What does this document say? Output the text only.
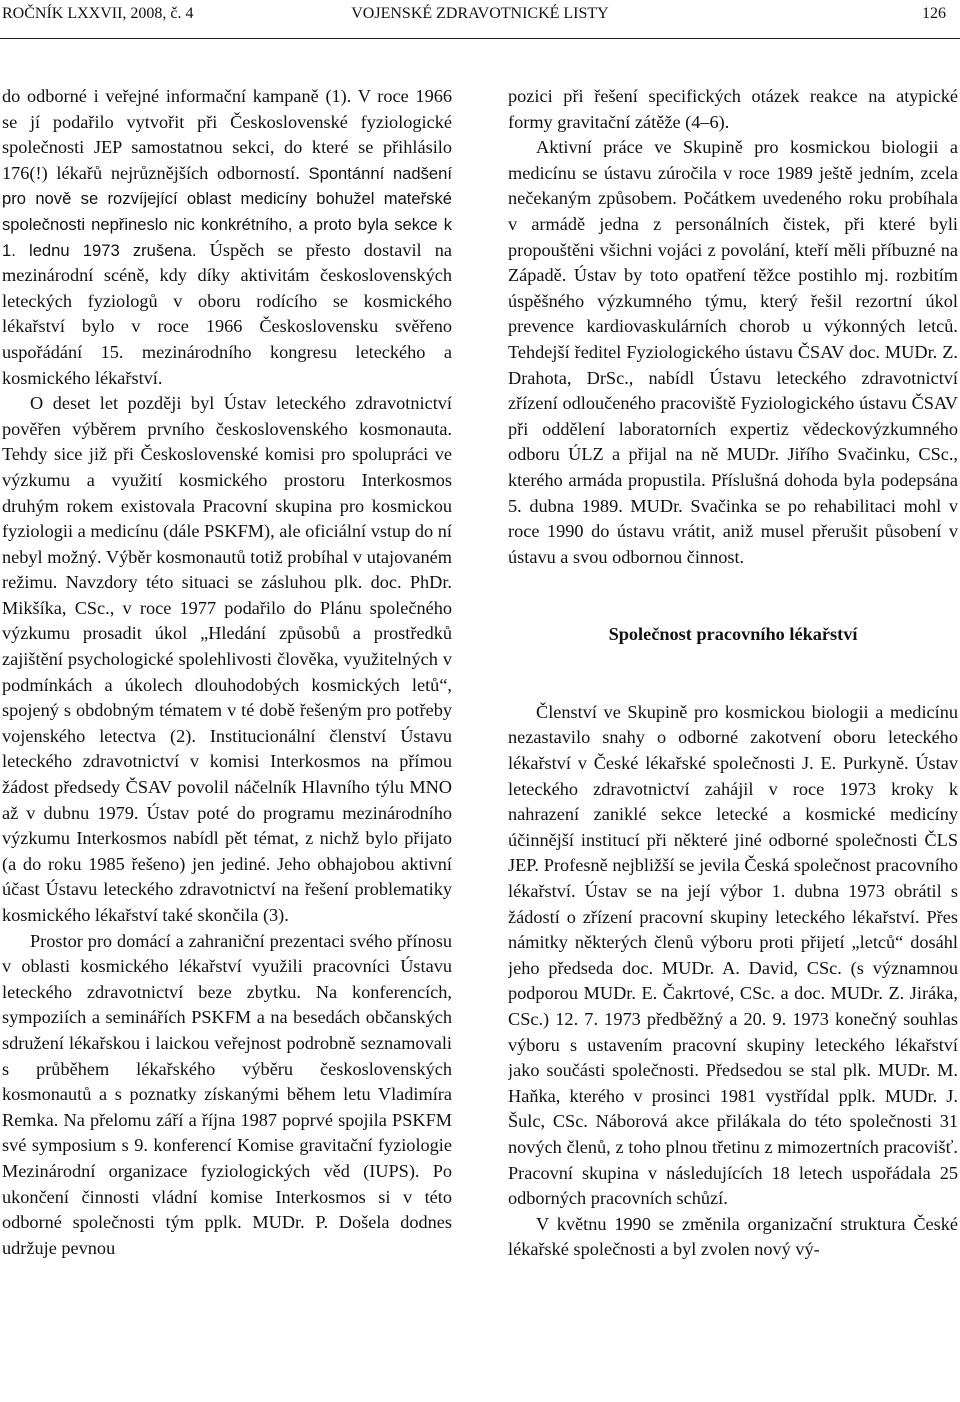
ROČNÍK LXXVII, 2008, č. 4	VOJENSKÉ ZDRAVOTNICKÉ LISTY	126

do odborné i veřejné informační kampaně (1). V roce 1966 se jí podařilo vytvořit při Československé fyziologické společnosti JEP samostatnou sekci, do které se přihlásilo 176(!) lékařů nejrůznějších odborností. Spontánní nadšení pro nově se rozvíjející oblast medicíny bohužel mateřské společnosti nepřineslo nic konkrétního, a proto byla sekce k 1. lednu 1973 zrušena. Úspěch se přesto dostavil na mezinárodní scéně, kdy díky aktivitám československých leteckých fyziologů v oboru rodícího se kosmického lékařství bylo v roce 1966 Československu svěřeno uspořádání 15. mezinárodního kongresu leteckého a kosmického lékařství.

O deset let později byl Ústav leteckého zdravotnictví pověřen výběrem prvního československého kosmonauta. Tehdy sice již při Československé komisi pro spolupráci ve výzkumu a využití kosmického prostoru Interkosmos druhým rokem existovala Pracovní skupina pro kosmickou fyziologii a medicínu (dále PSKFM), ale oficiální vstup do ní nebyl možný. Výběr kosmonautů totiž probíhal v utajovaném režimu. Navzdory této situaci se zásluhou plk. doc. PhDr. Mikšíka, CSc., v roce 1977 podařilo do Plánu společného výzkumu prosadit úkol „Hledání způsobů a prostředků zajištění psychologické spolehlivosti člověka, využitelných v podmínkách a úkolech dlouhodobých kosmických letů“, spojený s obdobným tématem v té době řešeným pro potřeby vojenského letectva (2). Institucionální členství Ústavu leteckého zdravotnictví v komisi Interkosmos na přímou žádost předsedy ČSAV povolil náčelník Hlavního týlu MNO až v dubnu 1979. Ústav poté do programu mezinárodního výzkumu Interkosmos nabídl pět témat, z nichž bylo přijato (a do roku 1985 řešeno) jen jediné. Jeho obhajobou aktivní účast Ústavu leteckého zdravotnictví na řešení problematiky kosmického lékařství také skončila (3).

Prostor pro domácí a zahraniční prezentaci svého přínosu v oblasti kosmického lékařství využili pracovníci Ústavu leteckého zdravotnictví beze zbytku. Na konferencích, sympoziích a seminářích PSKFM a na besedách občanských sdružení lékařskou i laickou veřejnost podrobně seznamovali s průběhem lékařského výběru československých kosmonautů a s poznatky získanými během letu Vladimíra Remka. Na přelomu září a října 1987 poprvé spojila PSKFM své symposium s 9. konferencí Komise gravitační fyziologie Mezinárodní organizace fyziologických věd (IUPS). Po ukončení činnosti vládní komise Interkosmos si v této odborné společnosti tým pplk. MUDr. P. Došela dodnes udržuje pevnou

pozici při řešení specifických otázek reakce na atypické formy gravitační zátěže (4–6).

Aktivní práce ve Skupině pro kosmickou biologii a medicínu se ústavu zúročila v roce 1989 ještě jedním, zcela nečekaným způsobem. Počátkem uvedeného roku probíhala v armádě jedna z personálních čistek, při které byli propouštěni všichni vojáci z povolání, kteří měli příbuzné na Západě. Ústav by toto opatření těžce postihlo mj. rozbitím úspěšného výzkumného týmu, který řešil rezortní úkol prevence kardiovaskulárních chorob u výkonných letců. Tehdejší ředitel Fyziologického ústavu ČSAV doc. MUDr. Z. Drahota, DrSc., nabídl Ústavu leteckého zdravotnictví zřízení odloučeného pracoviště Fyziologického ústavu ČSAV při oddělení laboratorních expertiz vědeckovýzkumného odboru ÚLZ a přijal na ně MUDr. Jiřího Svačinku, CSc., kterého armáda propustila. Příslušná dohoda byla podepsána 5. dubna 1989. MUDr. Svačinka se po rehabilitaci mohl v roce 1990 do ústavu vrátit, aniž musel přerušit působení v ústavu a svou odbornou činnost.

Společnost pracovního lékařství

Členství ve Skupině pro kosmickou biologii a medicínu nezastavilo snahy o odborné zakotvení oboru leteckého lékařství v České lékařské společnosti J. E. Purkyně. Ústav leteckého zdravotnictví zahájil v roce 1973 kroky k nahrazení zaniklé sekce letecké a kosmické medicíny účinnější institucí při některé jiné odborné společnosti ČLS JEP. Profesně nejbližší se jevila Česká společnost pracovního lékařství. Ústav se na její výbor 1. dubna 1973 obrátil s žádostí o zřízení pracovní skupiny leteckého lékařství. Přes námitky některých členů výboru proti přijetí „letců“ dosáhl jeho předseda doc. MUDr. A. David, CSc. (s významnou podporou MUDr. E. Čakrtové, CSc. a doc. MUDr. Z. Jiráka, CSc.) 12. 7. 1973 předběžný a 20. 9. 1973 konečný souhlas výboru s ustavením pracovní skupiny leteckého lékařství jako součásti společnosti. Předsedou se stal plk. MUDr. M. Haňka, kterého v prosinci 1981 vystřídal pplk. MUDr. J. Šulc, CSc. Náborová akce přilákala do této společnosti 31 nových členů, z toho plnou třetinu z mimozertních pracovišť. Pracovní skupina v následujících 18 letech uspořádala 25 odborných pracovních schůzí.

V květnu 1990 se změnila organizační struktura České lékařské společnosti a byl zvolen nový vý-
